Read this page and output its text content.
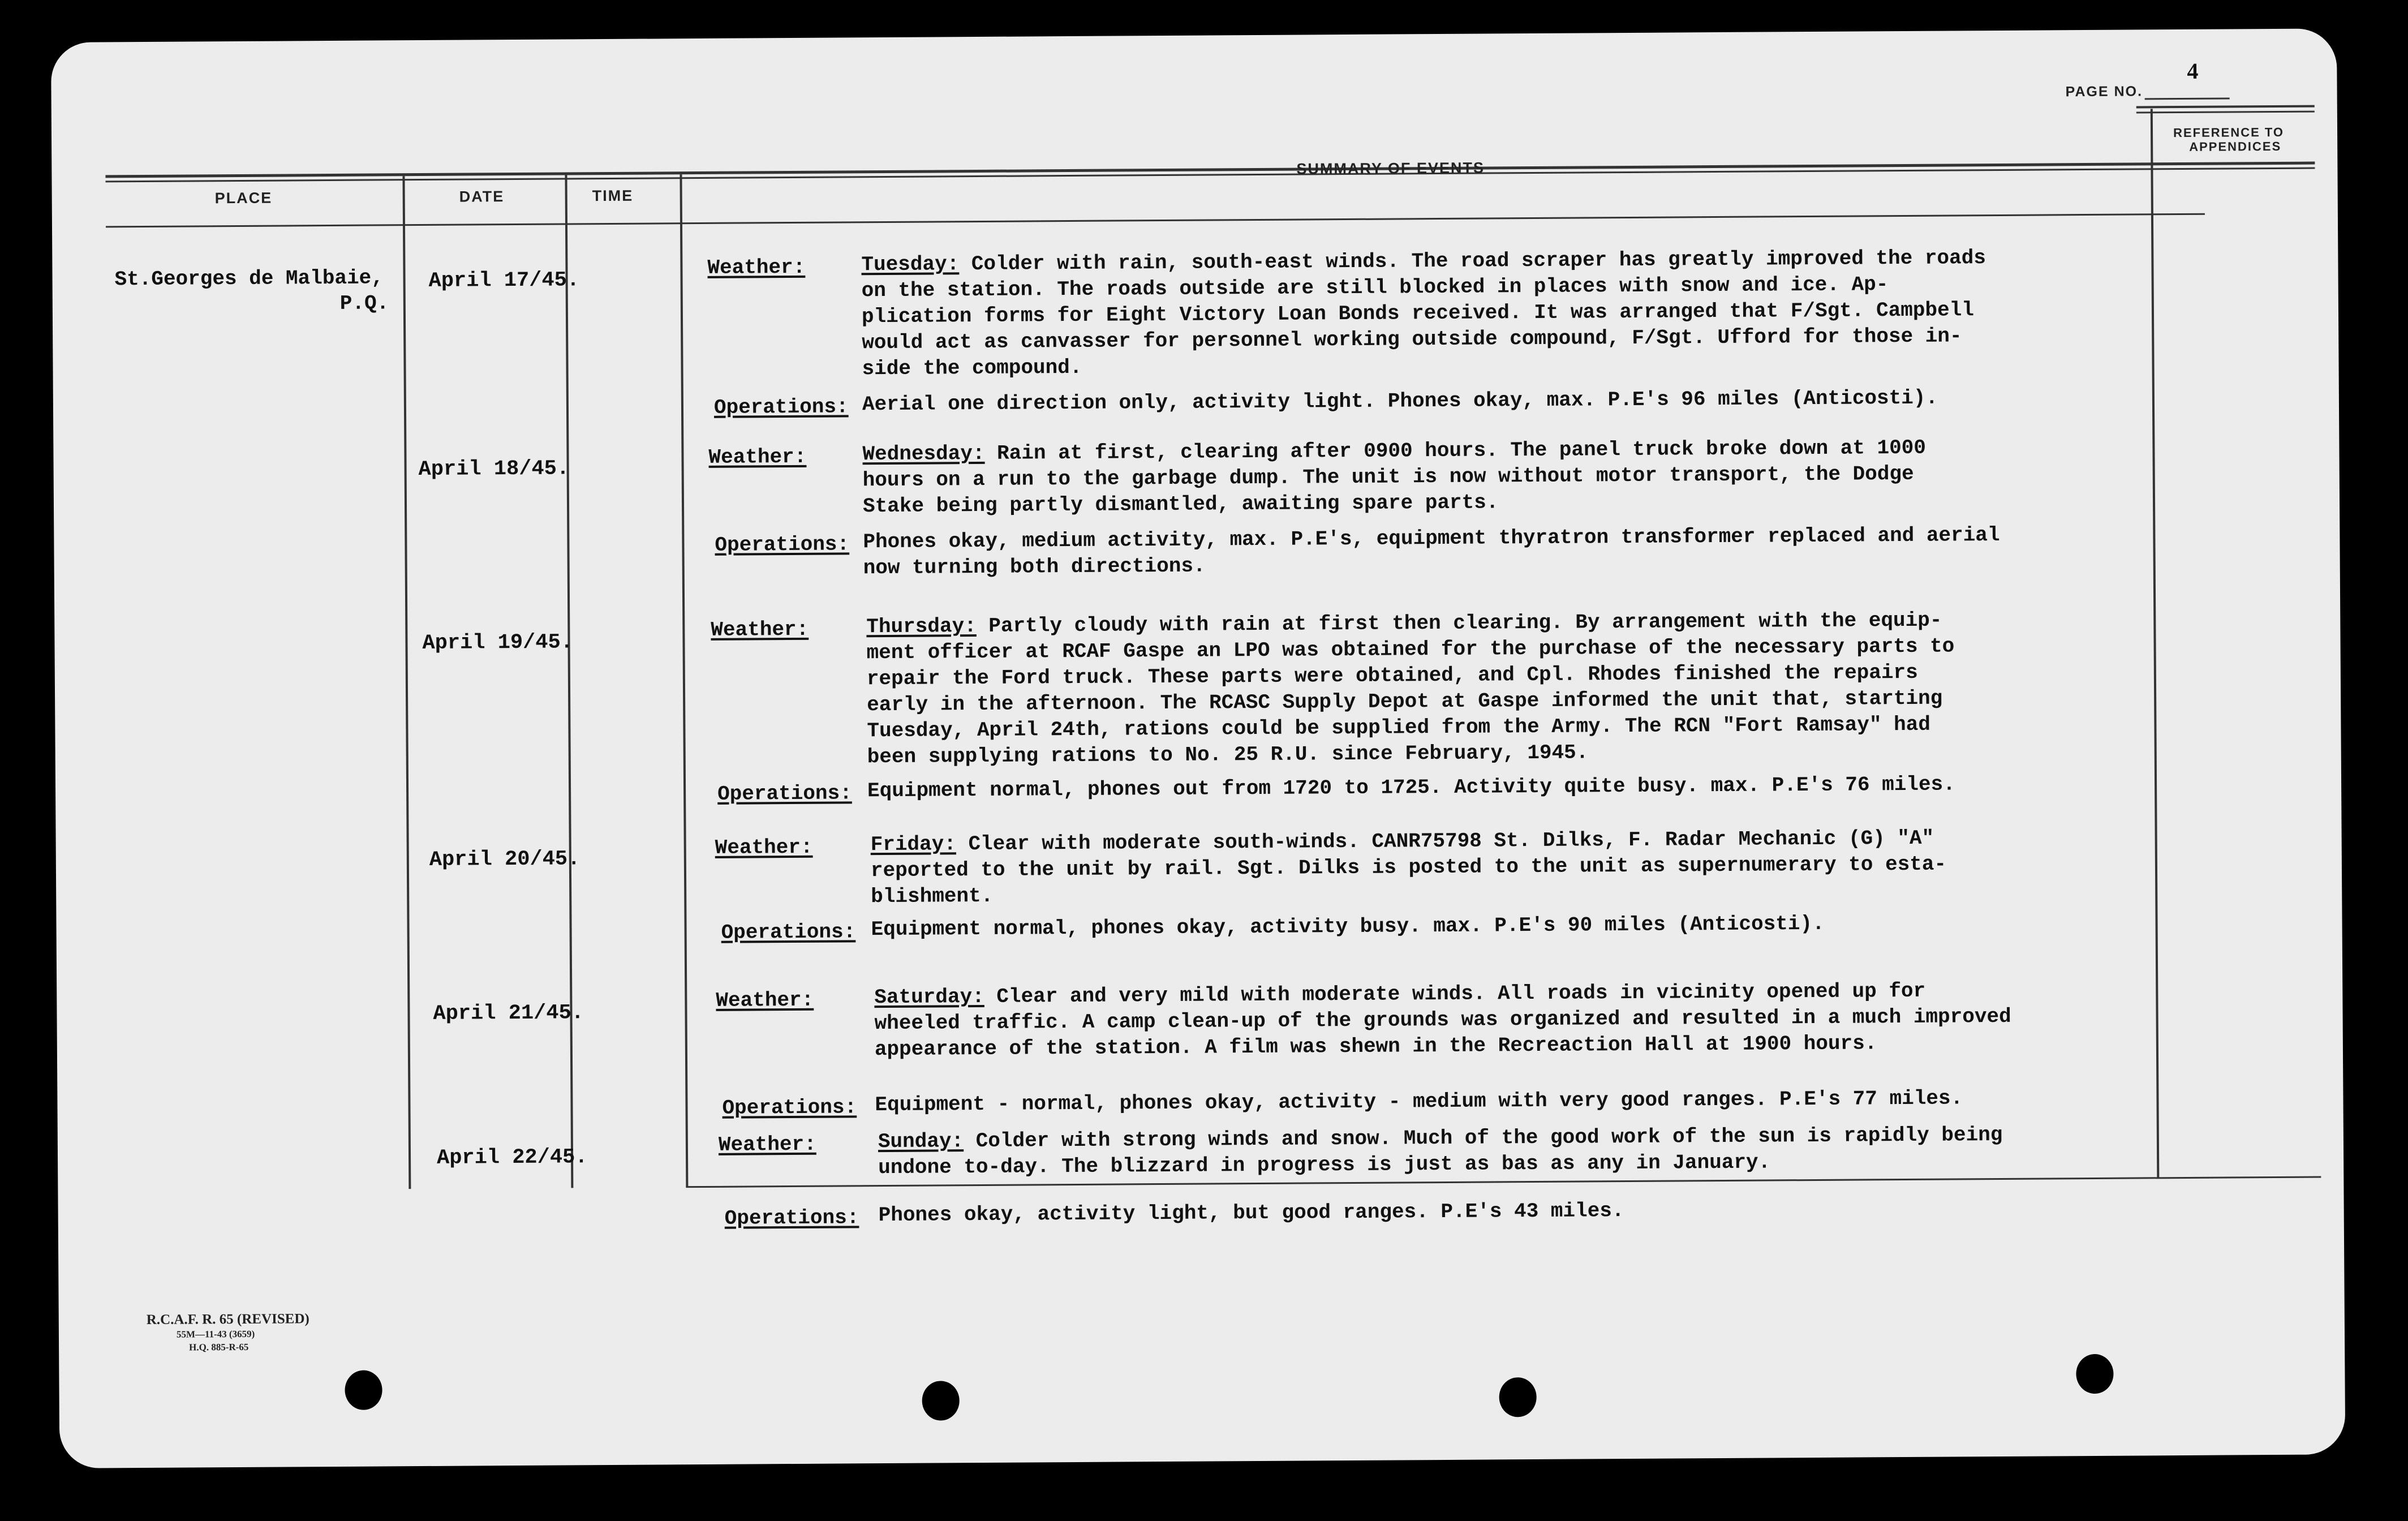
PAGE NO.
4
PLACE	DATE	TIME
SUMMARY OF EVENTS
REFERENCE TO
APPENDICES
St.Georges de Malbaie,
P.Q.
April 17/45.
Weather:	Tuesday: Colder with rain, south-east winds. The road scraper has greatly improved the roads
on the station. The roads outside are still blocked in places with snow and ice. Ap-
plication forms for Eight Victory Loan Bonds received. It was arranged that F/Sgt. Campbell
would act as canvasser for personnel working outside compound, F/Sgt. Ufford for those in-
side the compound.
Operations: Aerial one direction only, activity light. Phones okay, max. P.E's 96 miles (Anticosti).
April 18/45.	Weather:	Wednesday: Rain at first, clearing after 0900 hours. The panel truck broke down at 1000
hours on a run to the garbage dump. The unit is now without motor transport, the Dodge
Stake being partly dismantled, awaiting spare parts.
Operations: Phones okay, medium activity, max. P.E's, equipment thyratron transformer replaced and aerial
now turning both directions.
April 19/45.
Weather:	Thursday: Partly cloudy with rain at first then clearing. By arrangement with the equip-
ment officer at RCAF Gaspe an LPO was obtained for the purchase of the necessary parts to
repair the Ford truck. These parts were obtained, and Cpl. Rhodes finished the repairs
early in the afternoon. The RCASC Supply Depot at Gaspe informed the unit that, starting
Tuesday, April 24th, rations could be supplied from the Army. The RCN "Fort Ramsay" had
been supplying rations to No. 25 R.U. since February, 1945.
Operations: Equipment normal, phones out from 1720 to 1725. Activity quite busy. max. P.E's 76 miles.
April 20/45.	Weather:	Friday: Clear with moderate south-winds. CANR75798 St. Dilks, F. Radar Mechanic (G) "A"
reported to the unit by rail. Sgt. Dilks is posted to the unit as supernumerary to esta-
blishment.
Operations: Equipment normal, phones okay, activity busy. max. P.E's 90 miles (Anticosti).
April 21/45.
Weather:	Saturday: Clear and very mild with moderate winds. All roads in vicinity opened up for
wheeled traffic. A camp clean-up of the grounds was organized and resulted in a much improved
appearance of the station. A film was shewn in the Recreaction Hall at 1900 hours.
Operations: Equipment - normal, phones okay, activity - medium with very good ranges. P.E's 77 miles.
April 22/45.
Weather:	Sunday: Colder with strong winds and snow. Much of the good work of the sun is rapidly being
undone to-day. The blizzard in progress is just as bas as any in January.
Operations: Phones okay, activity light, but good ranges. P.E's 43 miles.
R.C.A.F. R. 65 (REVISED)
55M—11-43 (3659)
H.Q. 885-R-65
